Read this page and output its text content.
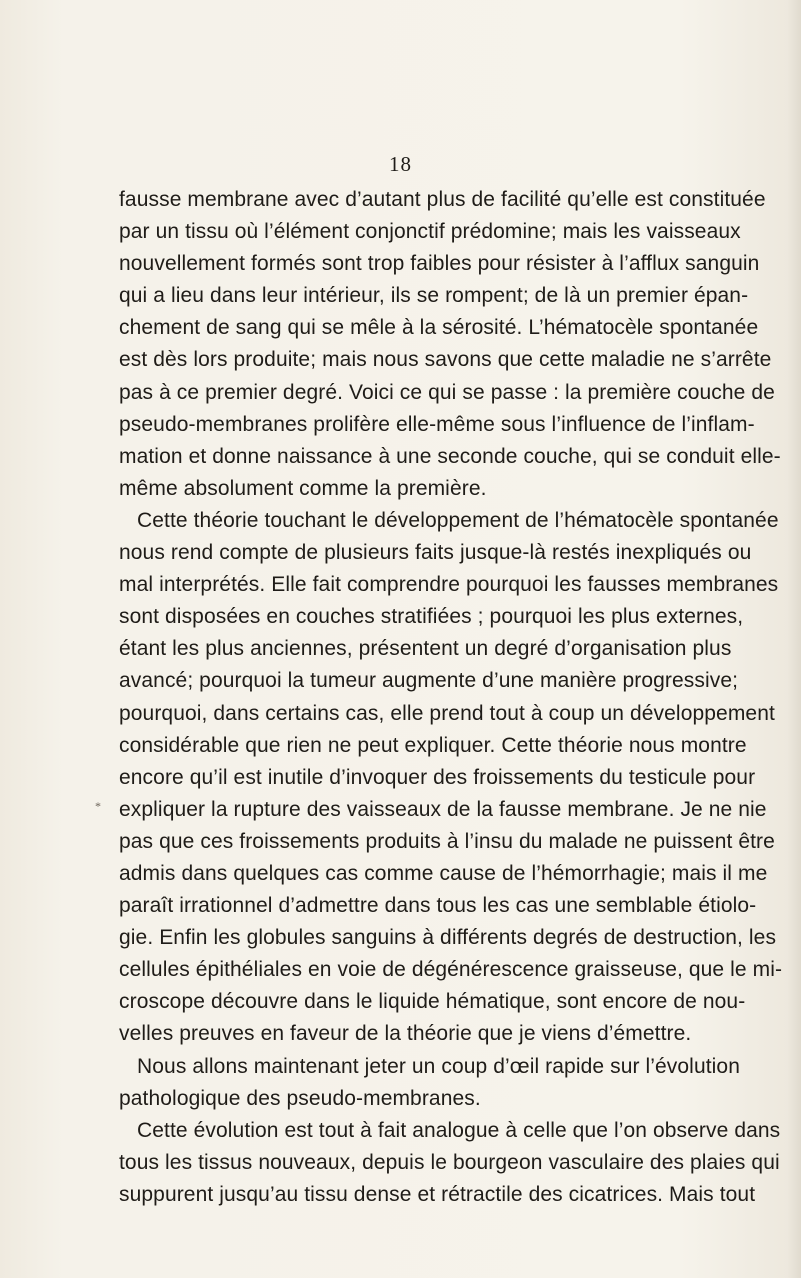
18
fausse membrane avec d’autant plus de facilité qu’elle est constituée
par un tissu où l’élément conjonctif prédomine; mais les vaisseaux
nouvellement formés sont trop faibles pour résister à l’afflux sanguin
qui a lieu dans leur intérieur, ils se rompent; de là un premier épan-
chement de sang qui se mêle à la sérosité. L’hématocèle spontanée
est dès lors produite; mais nous savons que cette maladie ne s’arrête
pas à ce premier degré. Voici ce qui se passe : la première couche de
pseudo-membranes prolifère elle-même sous l’influence de l’inflam-
mation et donne naissance à une seconde couche, qui se conduit elle-
même absolument comme la première.
Cette théorie touchant le développement de l’hématocèle spontanée
nous rend compte de plusieurs faits jusque-là restés inexpliqués ou
mal interprétés. Elle fait comprendre pourquoi les fausses membranes
sont disposées en couches stratifiées ; pourquoi les plus externes,
étant les plus anciennes, présentent un degré d’organisation plus
avancé; pourquoi la tumeur augmente d’une manière progressive;
pourquoi, dans certains cas, elle prend tout à coup un développement
considérable que rien ne peut expliquer. Cette théorie nous montre
encore qu’il est inutile d’invoquer des froissements du testicule pour
expliquer la rupture des vaisseaux de la fausse membrane. Je ne nie
pas que ces froissements produits à l’insu du malade ne puissent être
admis dans quelques cas comme cause de l’hémorrhagie; mais il me
paraît irrationnel d’admettre dans tous les cas une semblable étiolo-
gie. Enfin les globules sanguins à différents degrés de destruction, les
cellules épithéliales en voie de dégénérescence graisseuse, que le mi-
croscope découvre dans le liquide hématique, sont encore de nou-
velles preuves en faveur de la théorie que je viens d’émettre.
Nous allons maintenant jeter un coup d’œil rapide sur l’évolution
pathologique des pseudo-membranes.
Cette évolution est tout à fait analogue à celle que l’on observe dans
tous les tissus nouveaux, depuis le bourgeon vasculaire des plaies qui
suppurent jusqu’au tissu dense et rétractile des cicatrices. Mais tout
*
